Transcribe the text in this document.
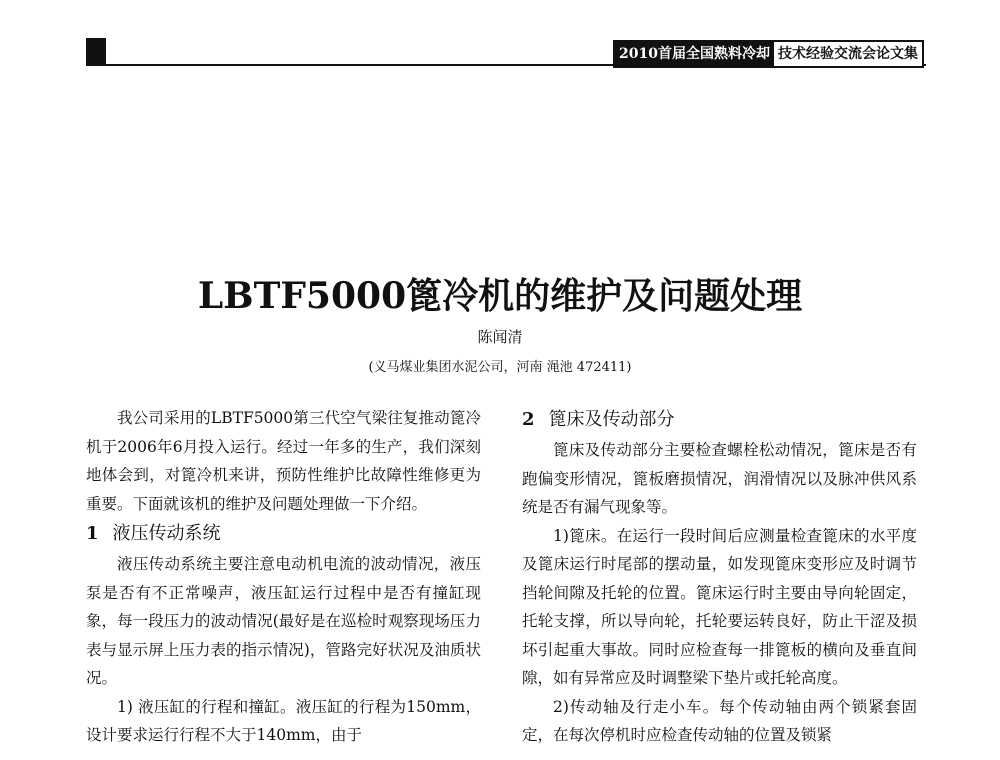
2010首届全国熟料冷却 技术经验交流会论文集
LBTF5000篦冷机的维护及问题处理
陈闻清
(义马煤业集团水泥公司，河南 渑池 472411)

我公司采用的LBTF5000第三代空气梁往复推动篦冷机于2006年6月投入运行。经过一年多的生产，我们深刻地体会到，对篦冷机来讲，预防性维护比故障性维修更为重要。下面就该机的维护及问题处理做一下介绍。

1 液压传动系统

液压传动系统主要注意电动机电流的波动情况，液压泵是否有不正常噪声，液压缸运行过程中是否有撞缸现象，每一段压力的波动情况(最好是在巡检时观察现场压力表与显示屏上压力表的指示情况)，管路完好状况及油质状况。

1) 液压缸的行程和撞缸。液压缸的行程为150mm，设计要求运行行程不大于140mm，由于

2 篦床及传动部分

篦床及传动部分主要检查螺栓松动情况，篦床是否有跑偏变形情况，篦板磨损情况，润滑情况以及脉冲供风系统是否有漏气现象等。

1)篦床。在运行一段时间后应测量检查篦床的水平度及篦床运行时尾部的摆动量，如发现篦床变形应及时调节挡轮间隙及托轮的位置。篦床运行时主要由导向轮固定，托轮支撑，所以导向轮，托轮要运转良好，防止干涩及损坏引起重大事故。同时应检查每一排篦板的横向及垂直间隙，如有异常应及时调整梁下垫片或托轮高度。

2)传动轴及行走小车。每个传动轴由两个锁紧套固定，在每次停机时应检查传动轴的位置及锁紧
